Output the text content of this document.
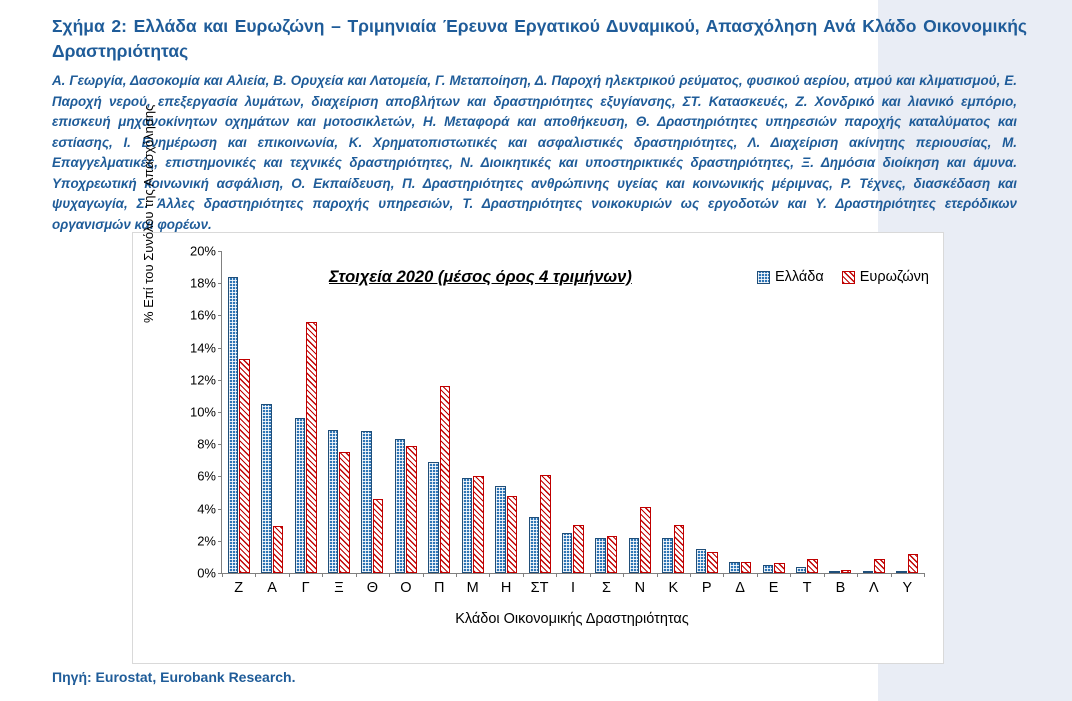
Σχήμα 2: Ελλάδα και Ευρωζώνη – Τριμηνιαία Έρευνα Εργατικού Δυναμικού, Απασχόληση Ανά Κλάδο Οικονομικής Δραστηριότητας
Α. Γεωργία, Δασοκομία και Αλιεία, Β. Ορυχεία και Λατομεία, Γ. Μεταποίηση, Δ. Παροχή ηλεκτρικού ρεύματος, φυσικού αερίου, ατμού και κλιματισμού, Ε. Παροχή νερού, επεξεργασία λυμάτων, διαχείριση αποβλήτων και δραστηριότητες εξυγίανσης, ΣΤ. Κατασκευές, Ζ. Χονδρικό και λιανικό εμπόριο, επισκευή μηχανοκίνητων οχημάτων και μοτοσικλετών, Η. Μεταφορά και αποθήκευση, Θ. Δραστηριότητες υπηρεσιών παροχής καταλύματος και εστίασης, Ι. Ενημέρωση και επικοινωνία, Κ. Χρηματοπιστωτικές και ασφαλιστικές δραστηριότητες, Λ. Διαχείριση ακίνητης περιουσίας, Μ. Επαγγελματικές, επιστημονικές και τεχνικές δραστηριότητες, Ν. Διοικητικές και υποστηρικτικές δραστηριότητες, Ξ. Δημόσια διοίκηση και άμυνα. Υποχρεωτική κοινωνική ασφάλιση, Ο. Εκπαίδευση, Π. Δραστηριότητες ανθρώπινης υγείας και κοινωνικής μέριμνας, Ρ. Τέχνες, διασκέδαση και ψυχαγωγία, Σ. Άλλες δραστηριότητες παροχής υπηρεσιών, Τ. Δραστηριότητες νοικοκυριών ως εργοδοτών και Υ. Δραστηριότητες ετερόδικων οργανισμών και φορέων.
% Επί του Συνόλου της Απασχόλησης	Στοιχεία 2020 (μέσος όρος 4 τριμήνων)	Ελλάδα Ευρωζώνη
0%
2%
4%
6%
8%
10%
12%
14%
16%
18%
20%
Ζ Α Γ Ξ Θ Ο Π Μ Η ΣΤ Ι Σ Ν Κ Ρ Δ Ε Τ Β Λ Υ
Κλάδοι Οικονομικής Δραστηριότητας
Πηγή: Eurostat, Eurobank Research.
